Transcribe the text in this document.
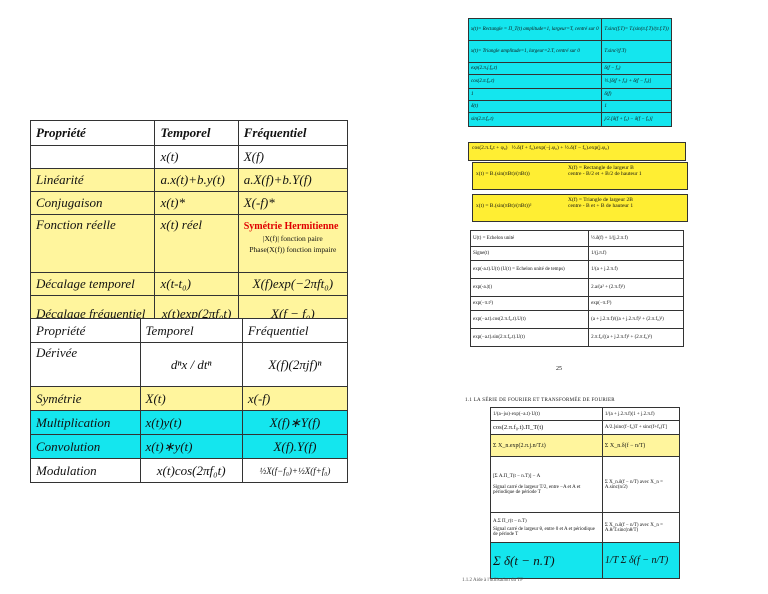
Propriété	Temporel	Fréquentiel
	x(t)	X(f)
Linéarité	a.x(t)+b.y(t)	a.X(f)+b.Y(f)
Conjugaison	x(t)*	X(-f)*
Fonction réelle	x(t) réel	Symétrie Hermitienne
|X(f)| fonction paire
Phase(X(f)) fonction impaire

Décalage temporel	x(t-t₀)	X(f)exp(−2πft₀)
Décalage fréquentiel	x(t)exp(2πf₀t)	X(f − f₀)
Propriété	Temporel	Fréquentiel
Dérivée	dⁿx / dtⁿ	X(f)(2πjf)ⁿ
Symétrie	X(t)	x(-f)
Multiplication	x(t)y(t)	X(f)∗Y(f)
Convolution	x(t)∗y(t)	X(f).Y(f)
Modulation	x(t)cos(2πf₀t)	½X(f−f₀)+½X(f+f₀)
x(t)= Rectangle = Π_T(t) amplitude=1, largeur=T, centré sur 0	T.sinc(f.T)= T.(sin(π.f.T)/(π.f.T))
x(t)= Triangle amplitude=1, largeur=2.T, centré sur 0	T.sinc²(f.T)
exp(2.π.j.f₀.t)	δ(f − f₀)
cos(2.π.f₀.t)	½.[δ(f + f₀) + δ(f − f₀)]
1	δ(f)
δ(t)	1
sin(2.π.f₀.t)	j/2.[δ(f + f₀) − δ(f − f₀)]
cos(2.π.f₀t + φ₀) ½.δ(f + f₀).exp(−j.φ₀) + ½.δ(f − f₀).exp(j.φ₀)
x(t) = B.(sin(πBt)/(πBt))
X(f) = Rectangle de largeur B
centre - B/2 et + B/2 de hauteur 1
x(t) = B.(sin(πBt)/(πBt))²
X(f) = Triangle de largeur 2B
centre - B et + B de hauteur 1
U(t) = Echelon unité	½.δ(f) + 1/(j.2.π.f)
Signe(t)	1/(j.π.f)
exp(-a.t).U(t) (U(t) = Echelon unité de temps)	1/(a + j.2.π.f)
exp(-a.|t|)	2.a/(a² + (2.π.f)²)
exp(−π.t²)	exp(−π.f²)
exp(−a.t).cos(2.π.f₀.t).U(t)	(a + j.2.π.f)/((a + j.2.π.f)² + (2.π.f₀)²)
exp(−a.t).sin(2.π.f₀.t).U(t)	2.π.f₀/((a + j.2.π.f)² + (2.π.f₀)²)
25
1.1 LA SÉRIE DE FOURIER ET TRANSFORMÉE DE FOURIER
1/(a−jω)·exp(−a.t)·U(t)	1/(a + j.2.π.f)(1 + j.2.π.f)
cos(2.π.f₀.t).Π_T(t)	A/2.[sinc(f−f₀)T + sinc(f+f₀)T]
Σ X_n.exp(2.π.j.n/T.t)	Σ X_n.δ(f − n/T)

[Σ A.Π_T(t − n.T)] − A
Signal carré de largeur T/2, entre −A et A et périodique de période T	Σ X_n.δ(f − n/T) avec X_n = A.sinc(n/2)

A.Σ Π_r(t − n.T)
Signal carré de largeur θ, entre 0 et A et périodique de période T	Σ X_n.δ(f − n/T) avec X_n = A.θ/T.sinc(nθ/T)
Σ δ(t − n.T)	1/T Σ δ(f − n/T)
1.1.2 Aide à l'utilisation du TF
